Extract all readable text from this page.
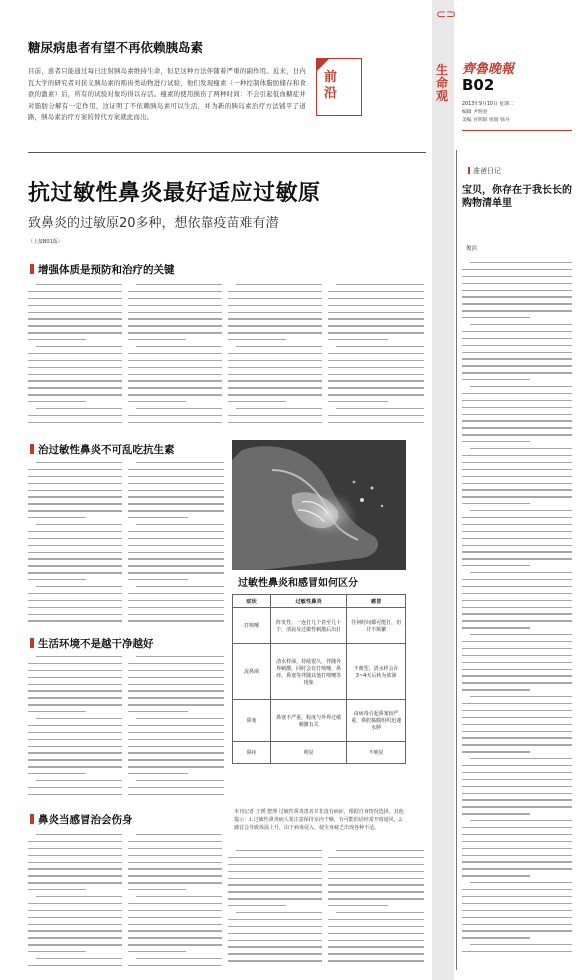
糖尿病患者有望不再依赖胰岛素

目前，患者只能通过每日注射胰岛素维持生命，但是这种方法伴随着严重的副作用。近来，日内瓦大学的研究者对狭义胰岛素的啮齿类动物进行试验，他们发现瘦素（一种控制体脂肪储存和食欲的激素）后，所有的试验对象均得以存活。瘦素的使用损伤了两种时间：不会引起低血糖症并对脂肪分解有一定作用，这证明了不依赖胰岛素可以生活，并为新的胰岛素治疗方法铺平了道路，胰岛素治疗方案的替代方案就此而出。

前沿
⊂⊃
生命观
齊魯晚報
B02
2013年9月10日 星期二
编辑 尹明亮
美编 宫明阳 组版 韩丹
抗过敏性鼻炎最好适应过敏原
致鼻炎的过敏原20多种，想依靠疫苗难有潜
（上接B01版）
增强体质是预防和治疗的关键
治过敏性鼻炎不可乱吃抗生素
生活环境不是越干净越好
鼻炎当感冒治会伤身
过敏性鼻炎和感冒如何区分
症状	过敏性鼻炎	感冒
打喷嚏	阵发性，一连打几个甚至几十个，清晨及过敏性刺激后出打	任何时间都可能打，但并不频繁
流鼻涕	清水样涕，持续很久，伴随外界刺激，同时会有打喷嚏，鼻痒、鼻塞等伴随其他打喷嚏等现象	不典型，清水样会在3~4天后转为浓涕
鼻塞	鼻塞不严重，程度与外界过敏刺激有关	由病毒引起鼻塞较严重，鼻腔黏膜组织迅速水肿
鼻痒	明显	不明显
本刊记者 王媛 整理 过敏性鼻炎患者并非没有病症，根据自身情况选择。其他提示：1.过敏性鼻炎病人要注意保持室内干燥，有可能的话经常开窗通风。2.感冒会导致体温上升，由于病毒侵入，使全身疲乏出现各种不适。
准爸日记
宝贝，你存在于我长长的购物清单里
俊滨
